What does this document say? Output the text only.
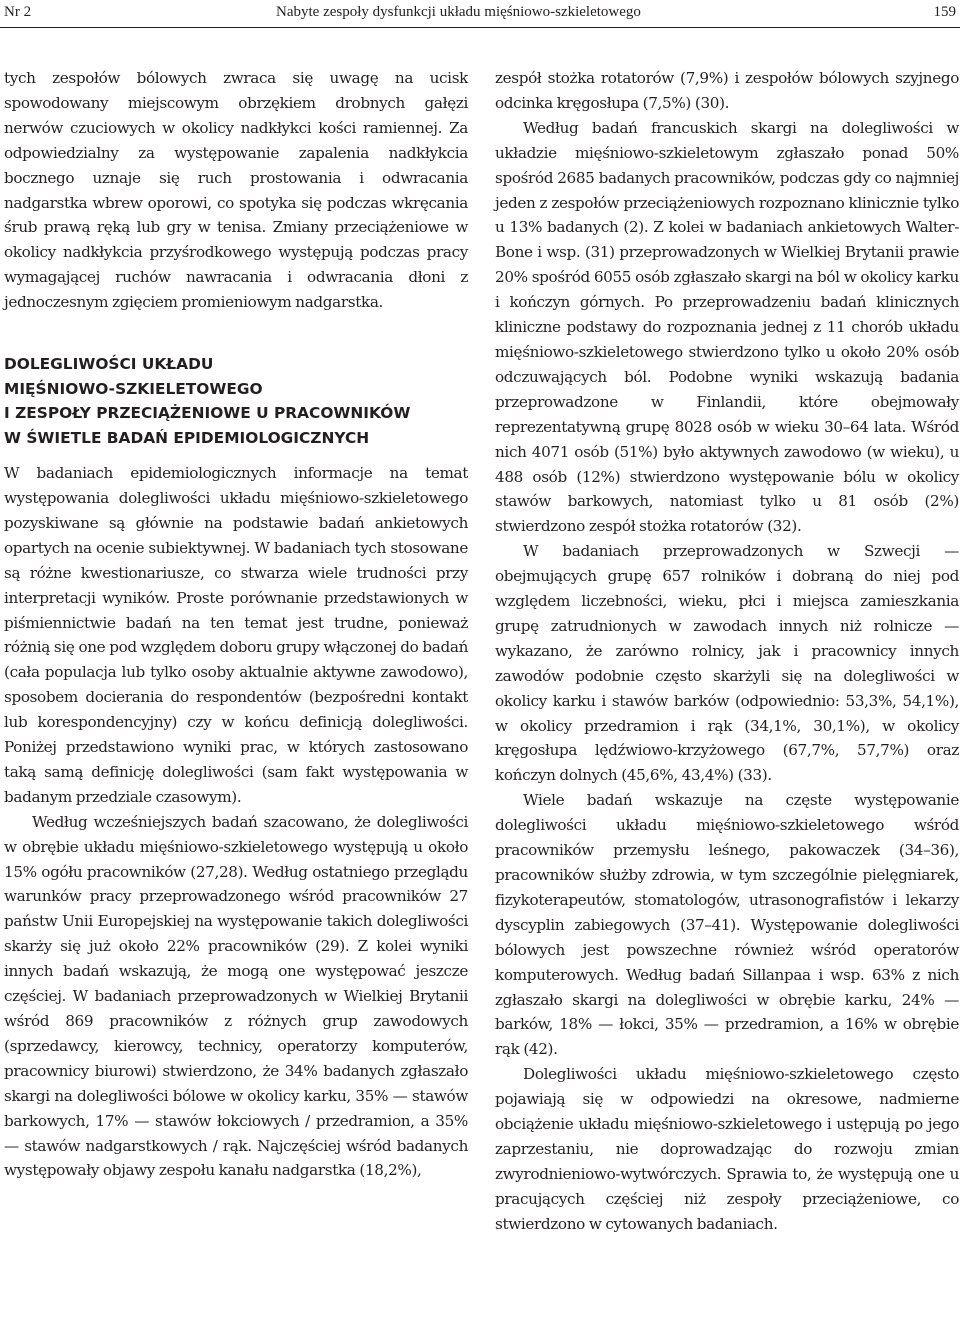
Nr 2	Nabyte zespoły dysfunkcji układu mięśniowo-szkieletowego	159

tych zespołów bólowych zwraca się uwagę na ucisk spowodowany miejscowym obrzękiem drobnych gałęzi nerwów czuciowych w okolicy nadkłykci kości ramiennej. Za odpowiedzialny za występowanie zapalenia nadkłykcia bocznego uznaje się ruch prostowania i odwracania nadgarstka wbrew oporowi, co spotyka się podczas wkręcania śrub prawą ręką lub gry w tenisa. Zmiany przeciążeniowe w okolicy nadkłykcia przyśrodkowego występują podczas pracy wymagającej ruchów nawracania i odwracania dłoni z jednoczesnym zgięciem promieniowym nadgarstka.

DOLEGLIWOŚCI UKŁADU
MIĘŚNIOWO-SZKIELETOWEGO
I ZESPOŁY PRZECIĄŻENIOWE U PRACOWNIKÓW
W ŚWIETLE BADAŃ EPIDEMIOLOGICZNYCH

W badaniach epidemiologicznych informacje na temat występowania dolegliwości układu mięśniowo-szkieletowego pozyskiwane są głównie na podstawie badań ankietowych opartych na ocenie subiektywnej. W badaniach tych stosowane są różne kwestionariusze, co stwarza wiele trudności przy interpretacji wyników. Proste porównanie przedstawionych w piśmiennictwie badań na ten temat jest trudne, ponieważ różnią się one pod względem doboru grupy włączonej do badań (cała populacja lub tylko osoby aktualnie aktywne zawodowo), sposobem docierania do respondentów (bezpośredni kontakt lub korespondencyjny) czy w końcu definicją dolegliwości. Poniżej przedstawiono wyniki prac, w których zastosowano taką samą definicję dolegliwości (sam fakt występowania w badanym przedziale czasowym).

Według wcześniejszych badań szacowano, że dolegliwości w obrębie układu mięśniowo-szkieletowego występują u około 15% ogółu pracowników (27,28). Według ostatniego przeglądu warunków pracy przeprowadzonego wśród pracowników 27 państw Unii Europejskiej na występowanie takich dolegliwości skarży się już około 22% pracowników (29). Z kolei wyniki innych badań wskazują, że mogą one występować jeszcze częściej. W badaniach przeprowadzonych w Wielkiej Brytanii wśród 869 pracowników z różnych grup zawodowych (sprzedawcy, kierowcy, technicy, operatorzy komputerów, pracownicy biurowi) stwierdzono, że 34% badanych zgłaszało skargi na dolegliwości bólowe w okolicy karku, 35% — stawów barkowych, 17% — stawów łokciowych / przedramion, a 35% — stawów nadgarstkowych / rąk. Najczęściej wśród badanych występowały objawy zespołu kanału nadgarstka (18,2%),

zespół stożka rotatorów (7,9%) i zespołów bólowych szyjnego odcinka kręgosłupa (7,5%) (30).

Według badań francuskich skargi na dolegliwości w układzie mięśniowo-szkieletowym zgłaszało ponad 50% spośród 2685 badanych pracowników, podczas gdy co najmniej jeden z zespołów przeciążeniowych rozpoznano klinicznie tylko u 13% badanych (2). Z kolei w badaniach ankietowych Walter-Bone i wsp. (31) przeprowadzonych w Wielkiej Brytanii prawie 20% spośród 6055 osób zgłaszało skargi na ból w okolicy karku i kończyn górnych. Po przeprowadzeniu badań klinicznych kliniczne podstawy do rozpoznania jednej z 11 chorób układu mięśniowo-szkieletowego stwierdzono tylko u około 20% osób odczuwających ból. Podobne wyniki wskazują badania przeprowadzone w Finlandii, które obejmowały reprezentatywną grupę 8028 osób w wieku 30–64 lata. Wśród nich 4071 osób (51%) było aktywnych zawodowo (w wieku), u 488 osób (12%) stwierdzono występowanie bólu w okolicy stawów barkowych, natomiast tylko u 81 osób (2%) stwierdzono zespół stożka rotatorów (32).

W badaniach przeprowadzonych w Szwecji — obejmujących grupę 657 rolników i dobraną do niej pod względem liczebności, wieku, płci i miejsca zamieszkania grupę zatrudnionych w zawodach innych niż rolnicze — wykazano, że zarówno rolnicy, jak i pracownicy innych zawodów podobnie często skarżyli się na dolegliwości w okolicy karku i stawów barków (odpowiednio: 53,3%, 54,1%), w okolicy przedramion i rąk (34,1%, 30,1%), w okolicy kręgosłupa lędźwiowo-krzyżowego (67,7%, 57,7%) oraz kończyn dolnych (45,6%, 43,4%) (33).

Wiele badań wskazuje na częste występowanie dolegliwości układu mięśniowo-szkieletowego wśród pracowników przemysłu leśnego, pakowaczek (34–36), pracowników służby zdrowia, w tym szczególnie pielęgniarek, fizykoterapeutów, stomatologów, utrasonografistów i lekarzy dyscyplin zabiegowych (37–41). Występowanie dolegliwości bólowych jest powszechne również wśród operatorów komputerowych. Według badań Sillanpaa i wsp. 63% z nich zgłaszało skargi na dolegliwości w obrębie karku, 24% — barków, 18% — łokci, 35% — przedramion, a 16% w obrębie rąk (42).

Dolegliwości układu mięśniowo-szkieletowego często pojawiają się w odpowiedzi na okresowe, nadmierne obciążenie układu mięśniowo-szkieletowego i ustępują po jego zaprzestaniu, nie doprowadzając do rozwoju zmian zwyrodnieniowo-wytwórczych. Sprawia to, że występują one u pracujących częściej niż zespoły przeciążeniowe, co stwierdzono w cytowanych badaniach.
